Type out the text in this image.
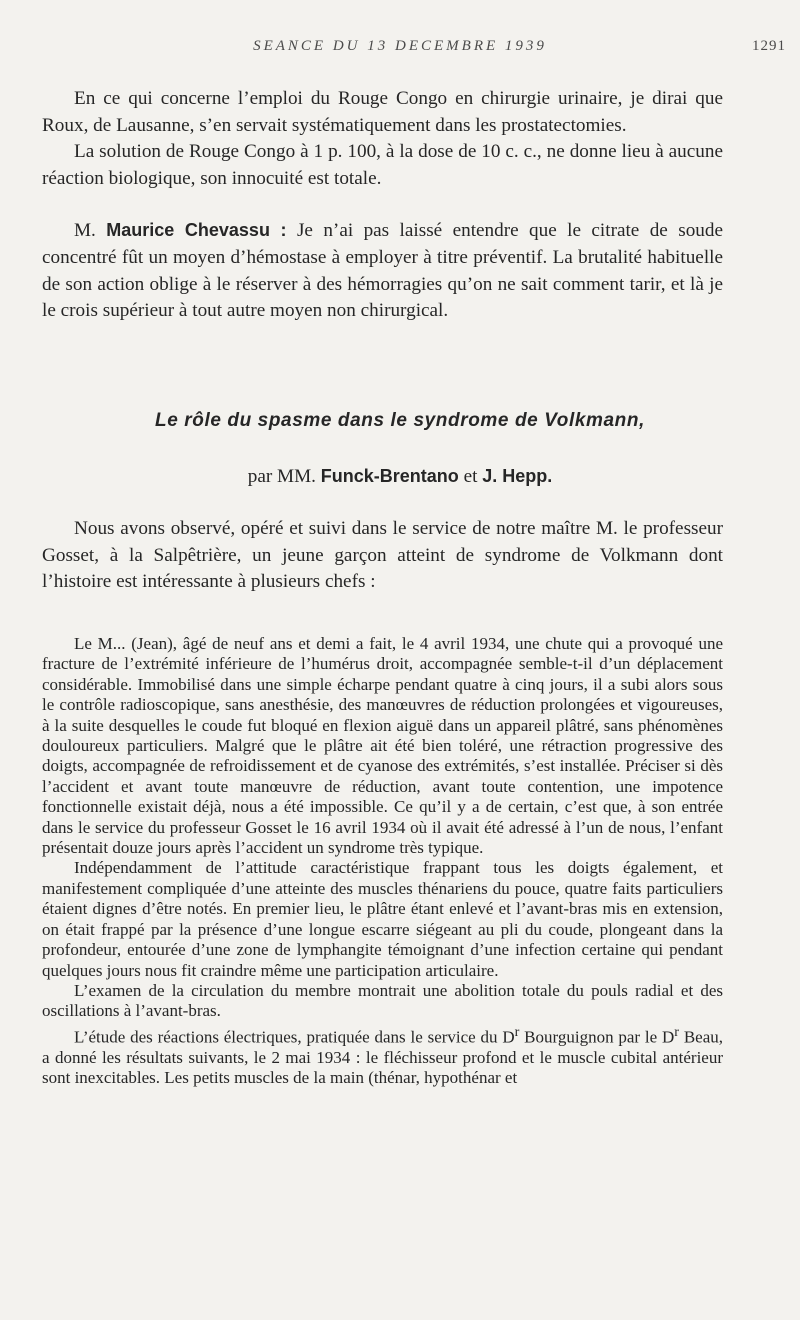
SEANCE DU 13 DECEMBRE 1939	1291

En ce qui concerne l’emploi du Rouge Congo en chirurgie urinaire, je dirai que Roux, de Lausanne, s’en servait systématiquement dans les prostatectomies.

La solution de Rouge Congo à 1 p. 100, à la dose de 10 c. c., ne donne lieu à aucune réaction biologique, son innocuité est totale.

M. Maurice Chevassu : Je n’ai pas laissé entendre que le citrate de soude concentré fût un moyen d’hémostase à employer à titre préventif. La brutalité habituelle de son action oblige à le réserver à des hémorragies qu’on ne sait comment tarir, et là je le crois supérieur à tout autre moyen non chirurgical.

Le rôle du spasme dans le syndrome de Volkmann,

par MM. Funck-Brentano et J. Hepp.

Nous avons observé, opéré et suivi dans le service de notre maître M. le professeur Gosset, à la Salpêtrière, un jeune garçon atteint de syndrome de Volkmann dont l’histoire est intéressante à plusieurs chefs :

Le M... (Jean), âgé de neuf ans et demi a fait, le 4 avril 1934, une chute qui a provoqué une fracture de l’extrémité inférieure de l’humérus droit, accompagnée semble-t-il d’un déplacement considérable. Immobilisé dans une simple écharpe pendant quatre à cinq jours, il a subi alors sous le contrôle radioscopique, sans anesthésie, des manœuvres de réduction prolongées et vigoureuses, à la suite desquelles le coude fut bloqué en flexion aiguë dans un appareil plâtré, sans phénomènes douloureux particuliers. Malgré que le plâtre ait été bien toléré, une rétraction progressive des doigts, accompagnée de refroidissement et de cyanose des extrémités, s’est installée. Préciser si dès l’accident et avant toute manœuvre de réduction, avant toute contention, une impotence fonctionnelle existait déjà, nous a été impossible. Ce qu’il y a de certain, c’est que, à son entrée dans le service du professeur Gosset le 16 avril 1934 où il avait été adressé à l’un de nous, l’enfant présentait douze jours après l’accident un syndrome très typique.

Indépendamment de l’attitude caractéristique frappant tous les doigts également, et manifestement compliquée d’une atteinte des muscles thénariens du pouce, quatre faits particuliers étaient dignes d’être notés. En premier lieu, le plâtre étant enlevé et l’avant-bras mis en extension, on était frappé par la présence d’une longue escarre siégeant au pli du coude, plongeant dans la profondeur, entourée d’une zone de lymphangite témoignant d’une infection certaine qui pendant quelques jours nous fit craindre même une participation articulaire.

L’examen de la circulation du membre montrait une abolition totale du pouls radial et des oscillations à l’avant-bras.

L’étude des réactions électriques, pratiquée dans le service du $D^r$ Bourguignon par le $D^r$ Beau, a donné les résultats suivants, le 2 mai 1934 : le fléchisseur profond et le muscle cubital antérieur sont inexcitables. Les petits muscles de la main (thénar, hypothénar et
